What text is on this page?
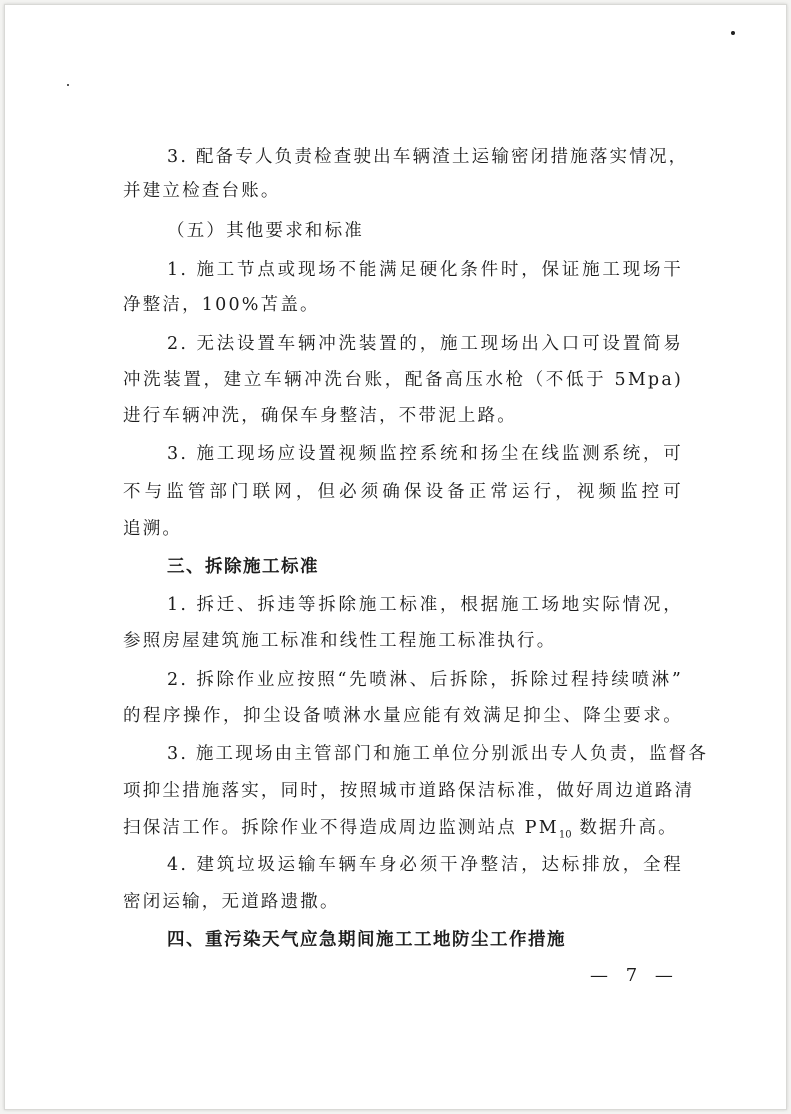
3. 配备专人负责检查驶出车辆渣土运输密闭措施落实情况，
并建立检查台账。
（五）其他要求和标准
1. 施工节点或现场不能满足硬化条件时，保证施工现场干
净整洁，100%苫盖。
2. 无法设置车辆冲洗装置的，施工现场出入口可设置简易
冲洗装置，建立车辆冲洗台账，配备高压水枪（不低于 5Mpa)
进行车辆冲洗，确保车身整洁，不带泥上路。
3. 施工现场应设置视频监控系统和扬尘在线监测系统，可
不与监管部门联网，但必须确保设备正常运行，视频监控可
追溯。
三、拆除施工标准
1. 拆迁、拆违等拆除施工标准，根据施工场地实际情况，
参照房屋建筑施工标准和线性工程施工标准执行。
2. 拆除作业应按照“先喷淋、后拆除，拆除过程持续喷淋”
的程序操作，抑尘设备喷淋水量应能有效满足抑尘、降尘要求。
3. 施工现场由主管部门和施工单位分别派出专人负责，监督各
项抑尘措施落实，同时，按照城市道路保洁标准，做好周边道路清
扫保洁工作。拆除作业不得造成周边监测站点 $PM_{10}$ 数据升高。
4. 建筑垃圾运输车辆车身必须干净整洁，达标排放，全程
密闭运输，无道路遗撒。
四、重污染天气应急期间施工工地防尘工作措施
— 7 —
